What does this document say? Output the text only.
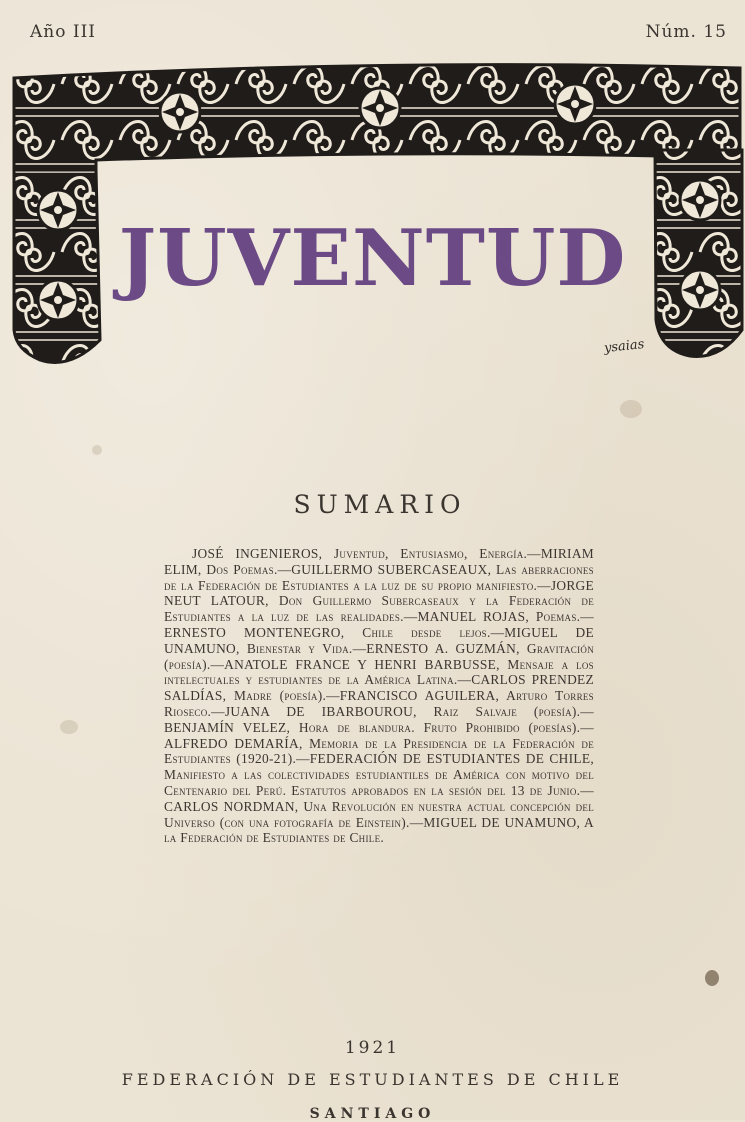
Año III	Núm. 15
JUVENTUD
ysaias
SUMARIO
JOSÉ INGENIEROS, Juventud, Entusiasmo, Energía.—MIRIAM ELIM, Dos Poemas.—GUILLERMO SUBERCASEAUX, Las aberraciones de la Federación de Estudiantes a la luz de su propio manifiesto.—JORGE NEUT LATOUR, Don Guillermo Subercaseaux y la Federación de Estudiantes a la luz de las realidades.—MANUEL ROJAS, Poemas.—ERNESTO MONTENEGRO, Chile desde lejos.—MIGUEL DE UNAMUNO, Bienestar y Vida.—ERNESTO A. GUZMÁN, Gravitación (poesía).—ANATOLE FRANCE Y HENRI BARBUSSE, Mensaje a los intelectuales y estudiantes de la América Latina.—CARLOS PRENDEZ SALDÍAS, Madre (poesía).—FRANCISCO AGUILERA, Arturo Torres Rioseco.—JUANA DE IBARBOUROU, Raiz Salvaje (poesía).—BENJAMÍN VELEZ, Hora de blandura. Fruto Prohibido (poesías).—ALFREDO DEMARÍA, Memoria de la Presidencia de la Federación de Estudiantes (1920-21).—FEDERACIÓN DE ESTUDIANTES DE CHILE, Manifiesto a las colectividades estudiantiles de América con motivo del Centenario del Perú. Estatutos aprobados en la sesión del 13 de Junio.—CARLOS NORDMAN, Una Revolución en nuestra actual concepción del Universo (con una fotografía de Einstein).—MIGUEL DE UNAMUNO, A la Federación de Estudiantes de Chile.
1921
FEDERACIÓN DE ESTUDIANTES DE CHILE
SANTIAGO
